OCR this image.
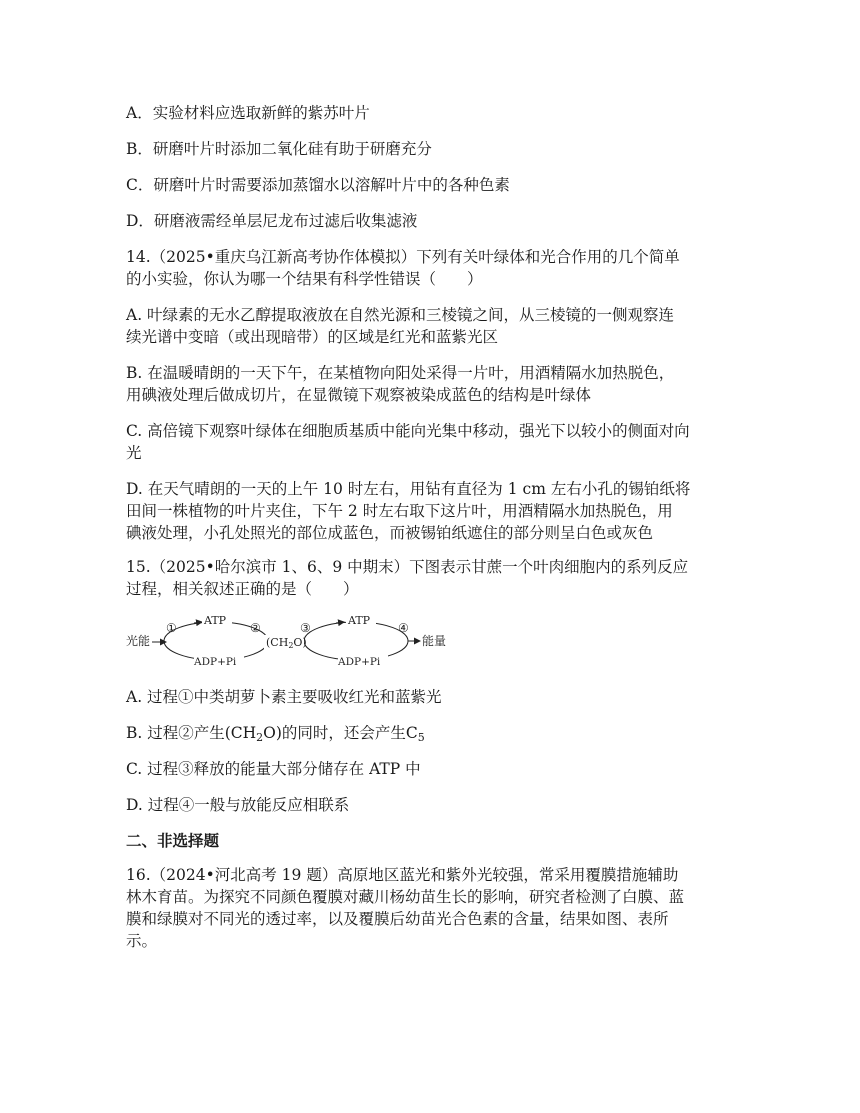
A．实验材料应选取新鲜的紫苏叶片
B．研磨叶片时添加二氧化硅有助于研磨充分
C．研磨叶片时需要添加蒸馏水以溶解叶片中的各种色素
D．研磨液需经单层尼龙布过滤后收集滤液
14.（2025•重庆乌江新高考协作体模拟）下列有关叶绿体和光合作用的几个简单
的小实验，你认为哪一个结果有科学性错误（　　）
A. 叶绿素的无水乙醇提取液放在自然光源和三棱镜之间，从三棱镜的一侧观察连
续光谱中变暗（或出现暗带）的区域是红光和蓝紫光区
B. 在温暖晴朗的一天下午，在某植物向阳处采得一片叶，用酒精隔水加热脱色，
用碘液处理后做成切片，在显微镜下观察被染成蓝色的结构是叶绿体
C. 高倍镜下观察叶绿体在细胞质基质中能向光集中移动，强光下以较小的侧面对向
光
D. 在天气晴朗的一天的上午 10 时左右，用钻有直径为 1 cm 左右小孔的锡铂纸将
田间一株植物的叶片夹住，下午 2 时左右取下这片叶，用酒精隔水加热脱色，用
碘液处理，小孔处照光的部位成蓝色，而被锡铂纸遮住的部分则呈白色或灰色
15.（2025•哈尔滨市 1、6、9 中期末）下图表示甘蔗一个叶肉细胞内的系列反应
过程，相关叙述正确的是（　　）
光能
ATP
①	②
ADP+Pi
(CH2O)
③
ATP
④
能量
ADP+Pi
A. 过程①中类胡萝卜素主要吸收红光和蓝紫光
B. 过程②产生$(CH_2O)$的同时，还会产生$C_5$
C. 过程③释放的能量大部分储存在 ATP 中
D. 过程④一般与放能反应相联系
二、非选择题
16.（2024•河北高考 19 题）高原地区蓝光和紫外光较强，常采用覆膜措施辅助
林木育苗。为探究不同颜色覆膜对藏川杨幼苗生长的影响，研究者检测了白膜、蓝
膜和绿膜对不同光的透过率，以及覆膜后幼苗光合色素的含量，结果如图、表所
示。
